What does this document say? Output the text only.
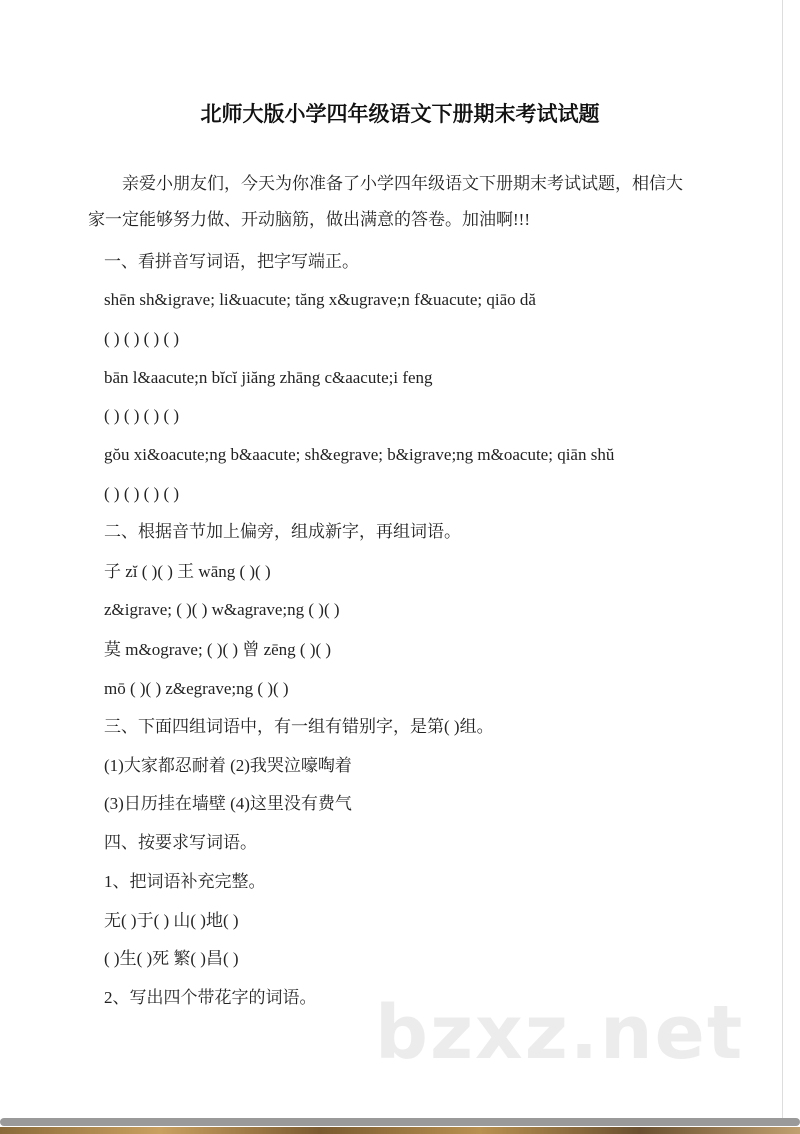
北师大版小学四年级语文下册期末考试试题
亲爱小朋友们，今天为你准备了小学四年级语文下册期末考试试题，相信大家一定能够努力做、开动脑筋，做出满意的答卷。加油啊!!!
一、看拼音写词语，把字写端正。
shēn sh&igrave; li&uacute; tăng x&ugrave;n f&uacute; qiāo dă
( ) ( ) ( ) ( )
bān l&aacute;n bĭcĭ jiăng zhāng c&aacute;i feng
( ) ( ) ( ) ( )
gŏu xi&oacute;ng b&aacute; sh&egrave; b&igrave;ng m&oacute; qiān shŭ
( ) ( ) ( ) ( )
二、根据音节加上偏旁，组成新字，再组词语。
子 zĭ ( )( ) 王 wāng ( )( )
z&igrave; ( )( ) w&agrave;ng ( )( )
莫 m&ograve; ( )( ) 曾 zēng ( )( )
mō ( )( ) z&egrave;ng ( )( )
三、下面四组词语中，有一组有错别字，是第( )组。
(1)大家都忍耐着 (2)我哭泣嚎啕着
(3)日历挂在墙壁 (4)这里没有费气
四、按要求写词语。
1、把词语补充完整。
无( )于( ) 山( )地( )
( )生( )死 繁( )昌( )
2、写出四个带花字的词语。 bzxz.net
